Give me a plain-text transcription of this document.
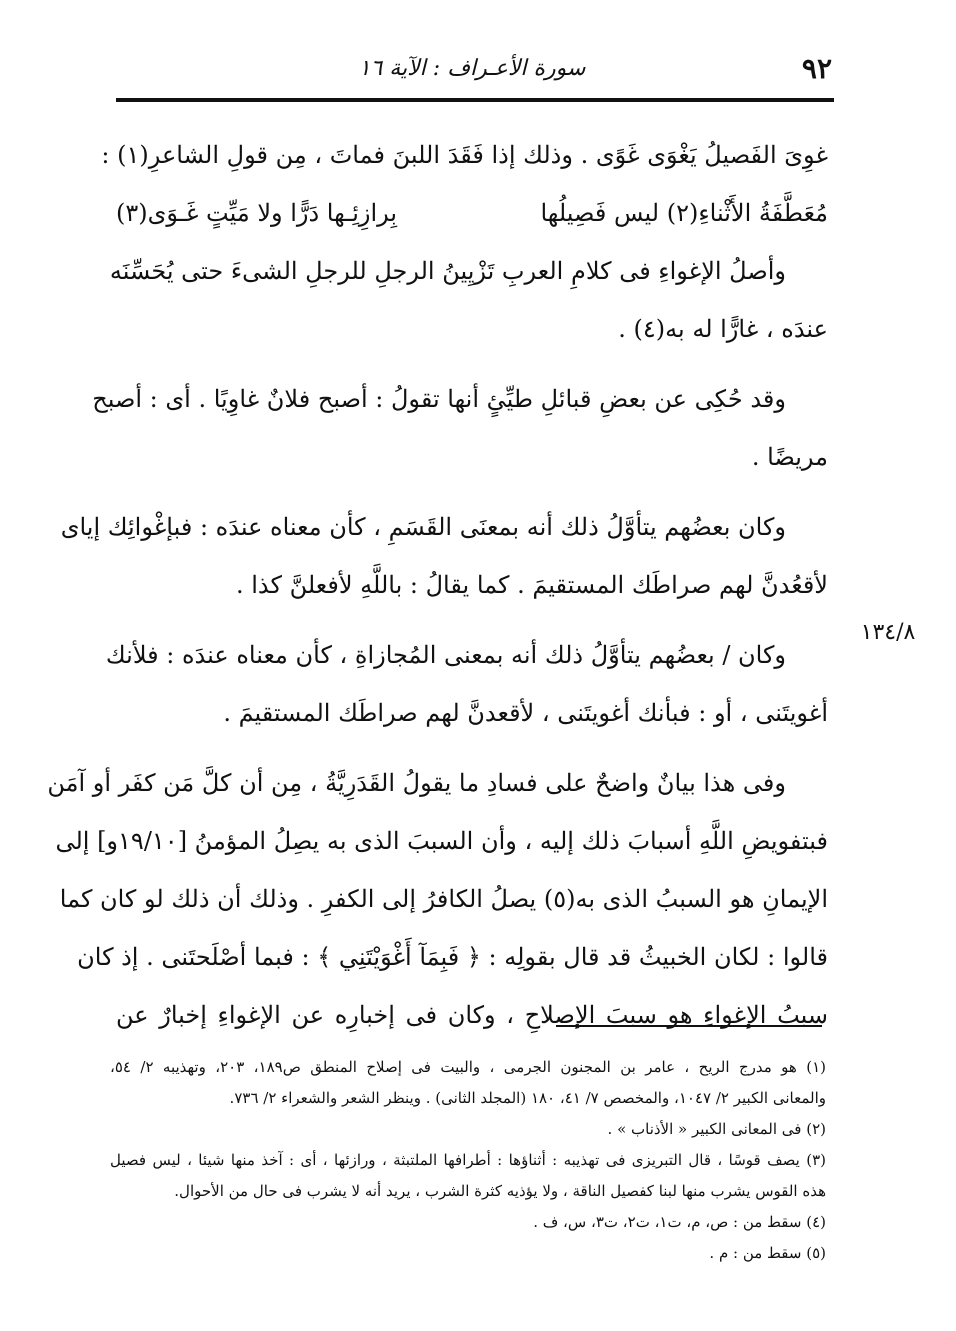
٩٢
سورة الأعـراف : الآية ١٦
١٣٤/٨
غوِىَ الفَصيلُ يَغْوَى غَوًى . وذلك إذا فَقَدَ اللبنَ فماتَ ، مِن قولِ الشاعرِ(١) :
مُعَطَّفَةُ الأَثْناءِ(٢) ليس فَصِيلُها
بِرازِئِـها دَرًّا ولا مَيِّتٍ غَـوَى(٣)
وأصلُ الإغواءِ فى كلامِ العربِ تَزْيِينُ الرجلِ للرجلِ الشىءَ حتى يُحَسِّنَه
عندَه ، غارًّا له به(٤) .
وقد حُكِى عن بعضِ قبائلِ طيِّئٍ أنها تقولُ : أصبح فلانٌ غاوِيًا . أى : أصبح
مريضًا .
وكان بعضُهم يتأوَّلُ ذلك أنه بمعنَى القَسَمِ ، كأن معناه عندَه : فبإغْوائِك إياى
لأقعُدنَّ لهم صراطَك المستقيمَ . كما يقالُ : باللَّهِ لأفعلنَّ كذا .
وكان / بعضُهم يتأوَّلُ ذلك أنه بمعنى المُجازاةِ ، كأن معناه عندَه : فلأنك
أغويتَنى ، أو : فبأنك أغويتَنى ، لأقعدنَّ لهم صراطَك المستقيمَ .
وفى هذا بيانٌ واضحٌ على فسادِ ما يقولُ القَدَرِيَّةُ ، مِن أن كلَّ مَن كفَر أو آمَن
فبتفويضِ اللَّهِ أسبابَ ذلك إليه ، وأن السببَ الذى به يصِلُ المؤمنُ [١٩/١٠و] إلى
الإيمانِ هو السببُ الذى به(٥) يصلُ الكافرُ إلى الكفرِ . وذلك أن ذلك لو كان كما
قالوا : لكان الخبيثُ قد قال بقولِه : ﴿ فَبِمَآ أَغْوَيْتَنِي ﴾ : فبما أصْلَحتَنى . إذ كان
سببُ الإغواءِ هو سببَ الإصلاحِ ، وكان فى إخبارِه عن الإغواءِ إخبارٌ عن
(١) هو مدرج الريح ، عامر بن المجنون الجرمى ، والبيت فى إصلاح المنطق ص١٨٩، ٢٠٣، وتهذيبه ٢/ ٥٤،
والمعانى الكبير ٢/ ١٠٤٧، والمخصص ٧/ ٤١، ١٨٠ (المجلد الثانى) . وينظر الشعر والشعراء ٢/ ٧٣٦.
(٢) فى المعانى الكبير « الأذناب » .
(٣) يصف قوسًا ، قال التبريزى فى تهذيبه : أثناؤها : أطرافها الملتبثة ، ورازئها ، أى : آخذ منها شيئا ، ليس فصيل
هذه القوس يشرب منها لبنا كفصيل الناقة ، ولا يؤذيه كثرة الشرب ، يريد أنه لا يشرب فى حال من الأحوال.
(٤) سقط من : ص، م، ت١، ت٢، ت٣، س، ف .
(٥) سقط من : م .
